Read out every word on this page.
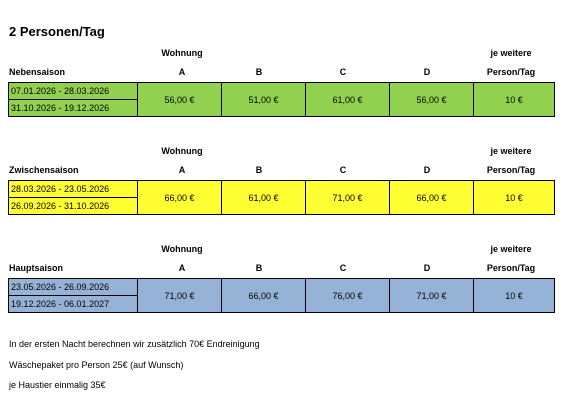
2 Personen/Tag
Wohnung	je weitere
Nebensaison	A	B	C	D	Person/Tag
07.01.2026 - 28.03.2026	56,00 €	51,00 €	61,00 €	56,00 €	10 €
31.10.2026 - 19.12.2026
Wohnung	je weitere
Zwischensaison	A	B	C	D	Person/Tag
28.03.2026 - 23.05.2026	66,00 €	61,00 €	71,00 €	66,00 €	10 €
26.09.2026 - 31.10.2026
Wohnung	je weitere
Hauptsaison	A	B	C	D	Person/Tag
23.05.2026 - 26.09.2026	71,00 €	66,00 €	76,00 €	71,00 €	10 €
19.12.2026 - 06.01.2027

In der ersten Nacht berechnen wir zusätzlich 70€ Endreinigung

Wäschepaket pro Person 25€ (auf Wunsch)

je Haustier einmalig 35€
